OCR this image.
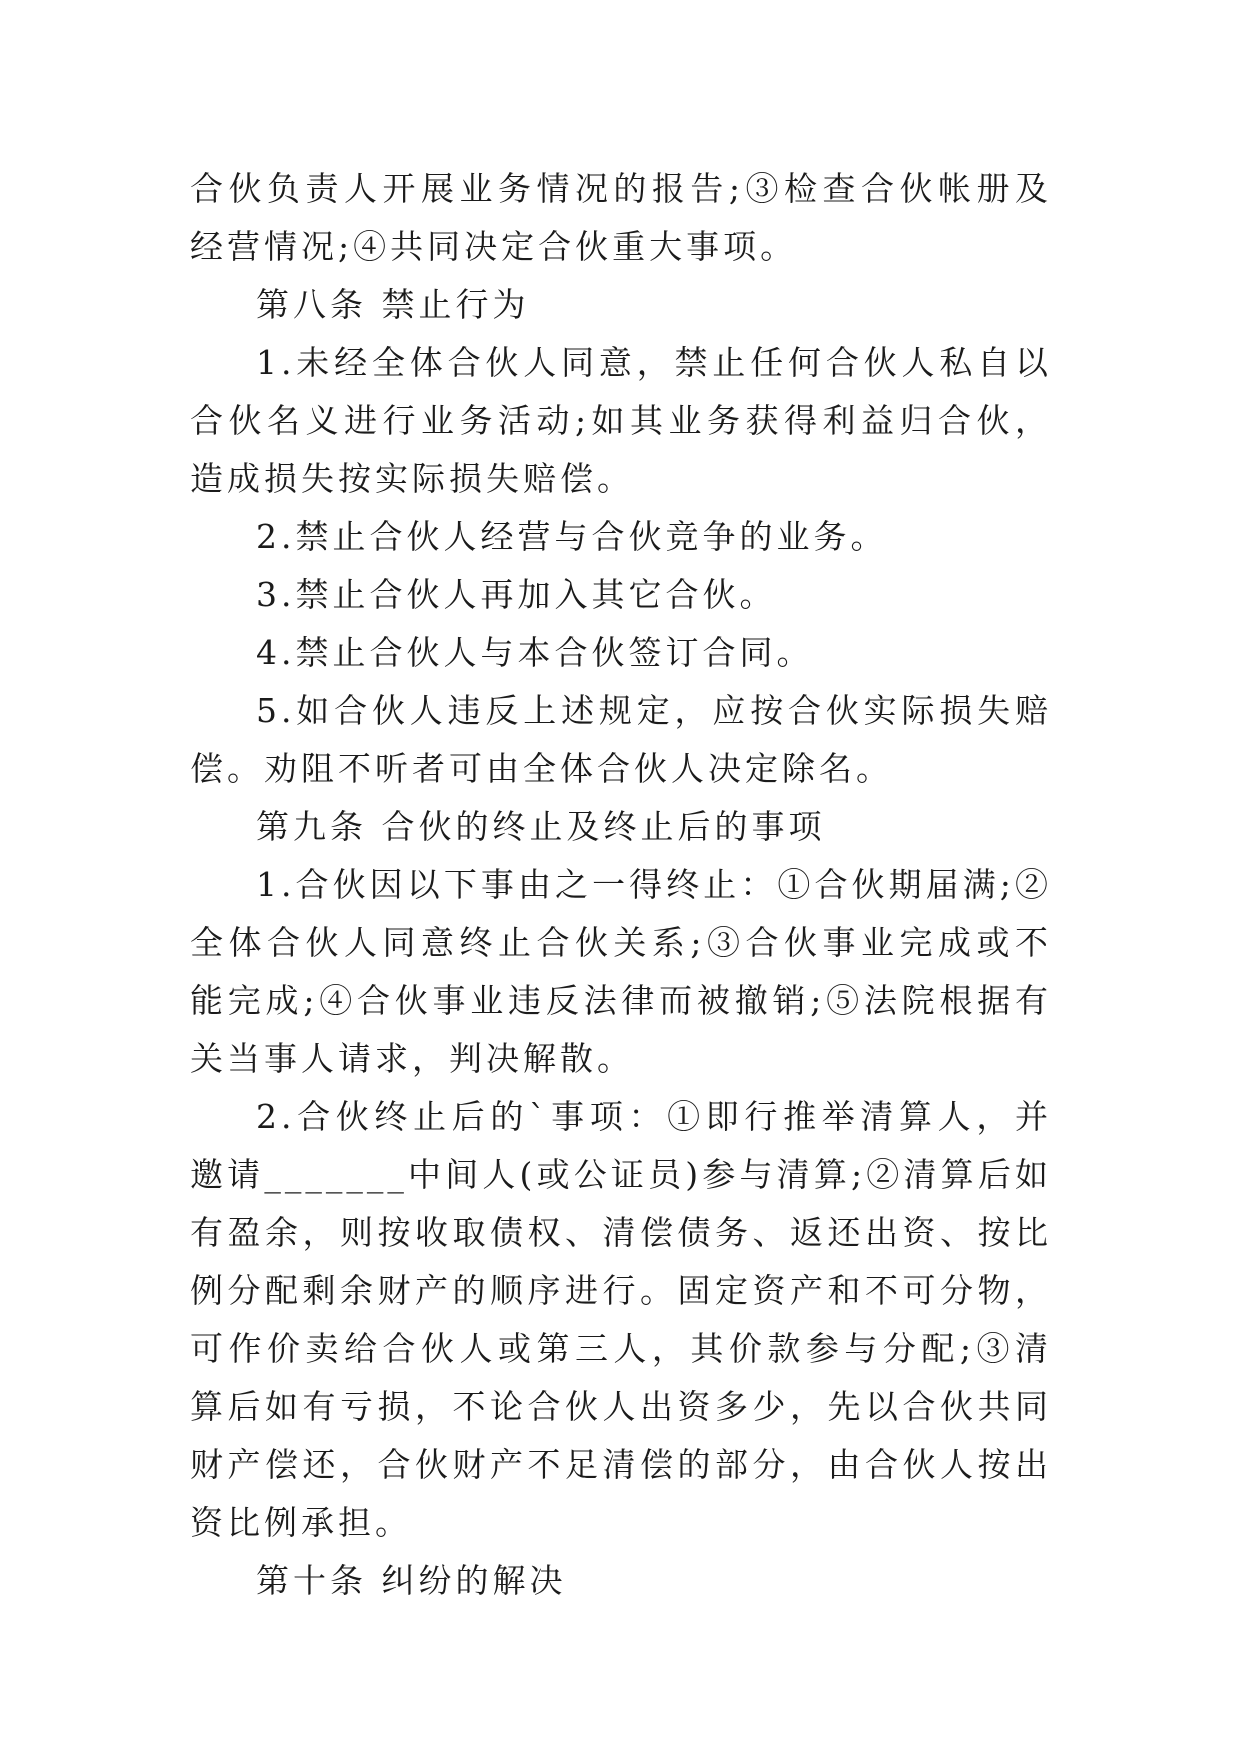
合伙负责人开展业务情况的报告;③检查合伙帐册及经营情况;④共同决定合伙重大事项。

第八条 禁止行为

1.未经全体合伙人同意，禁止任何合伙人私自以合伙名义进行业务活动;如其业务获得利益归合伙，造成损失按实际损失赔偿。

2.禁止合伙人经营与合伙竞争的业务。

3.禁止合伙人再加入其它合伙。

4.禁止合伙人与本合伙签订合同。

5.如合伙人违反上述规定，应按合伙实际损失赔偿。劝阻不听者可由全体合伙人决定除名。

第九条 合伙的终止及终止后的事项

1.合伙因以下事由之一得终止：①合伙期届满;②全体合伙人同意终止合伙关系;③合伙事业完成或不能完成;④合伙事业违反法律而被撤销;⑤法院根据有关当事人请求，判决解散。

2.合伙终止后的`事项：①即行推举清算人，并邀请_______中间人(或公证员)参与清算;②清算后如有盈余，则按收取债权、清偿债务、返还出资、按比例分配剩余财产的顺序进行。固定资产和不可分物，可作价卖给合伙人或第三人，其价款参与分配;③清算后如有亏损，不论合伙人出资多少，先以合伙共同财产偿还，合伙财产不足清偿的部分，由合伙人按出资比例承担。

第十条 纠纷的解决
